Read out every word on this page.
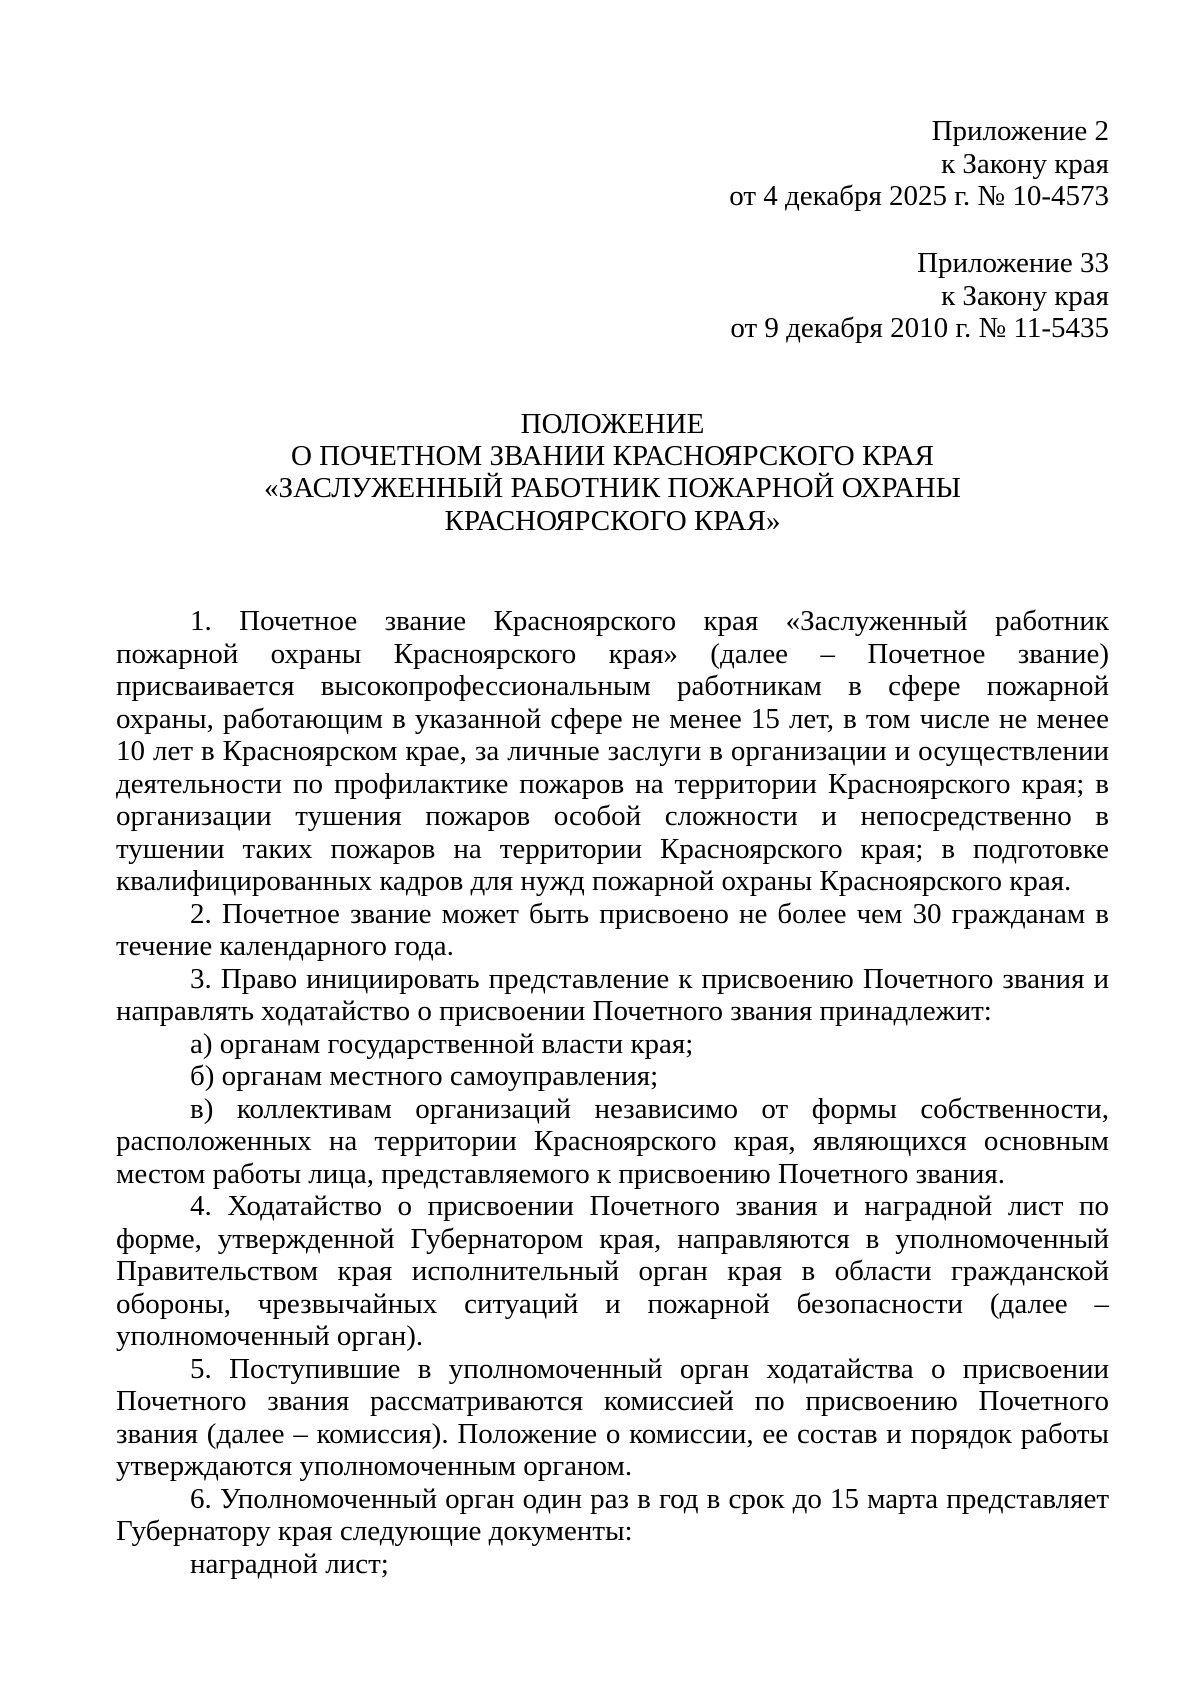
Приложение 2
к Закону края
от 4 декабря 2025 г. № 10-4573
Приложение 33
к Закону края
от 9 декабря 2010 г. № 11-5435
ПОЛОЖЕНИЕ
О ПОЧЕТНОМ ЗВАНИИ КРАСНОЯРСКОГО КРАЯ
«ЗАСЛУЖЕННЫЙ РАБОТНИК ПОЖАРНОЙ ОХРАНЫ
КРАСНОЯРСКОГО КРАЯ»

1. Почетное звание Красноярского края «Заслуженный работник пожарной охраны Красноярского края» (далее – Почетное звание) присваивается высокопрофессиональным работникам в сфере пожарной охраны, работающим в указанной сфере не менее 15 лет, в том числе не менее 10 лет в Красноярском крае, за личные заслуги в организации и осуществлении деятельности по профилактике пожаров на территории Красноярского края; в организации тушения пожаров особой сложности и непосредственно в тушении таких пожаров на территории Красноярского края; в подготовке квалифицированных кадров для нужд пожарной охраны Красноярского края.

2. Почетное звание может быть присвоено не более чем 30 гражданам в течение календарного года.

3. Право инициировать представление к присвоению Почетного звания и направлять ходатайство о присвоении Почетного звания принадлежит:

а) органам государственной власти края;

б) органам местного самоуправления;

в) коллективам организаций независимо от формы собственности, расположенных на территории Красноярского края, являющихся основным местом работы лица, представляемого к присвоению Почетного звания.

4. Ходатайство о присвоении Почетного звания и наградной лист по форме, утвержденной Губернатором края, направляются в уполномоченный Правительством края исполнительный орган края в области гражданской обороны, чрезвычайных ситуаций и пожарной безопасности (далее – уполномоченный орган).

5. Поступившие в уполномоченный орган ходатайства о присвоении Почетного звания рассматриваются комиссией по присвоению Почетного звания (далее – комиссия). Положение о комиссии, ее состав и порядок работы утверждаются уполномоченным органом.

6. Уполномоченный орган один раз в год в срок до 15 марта представляет Губернатору края следующие документы:

наградной лист;
